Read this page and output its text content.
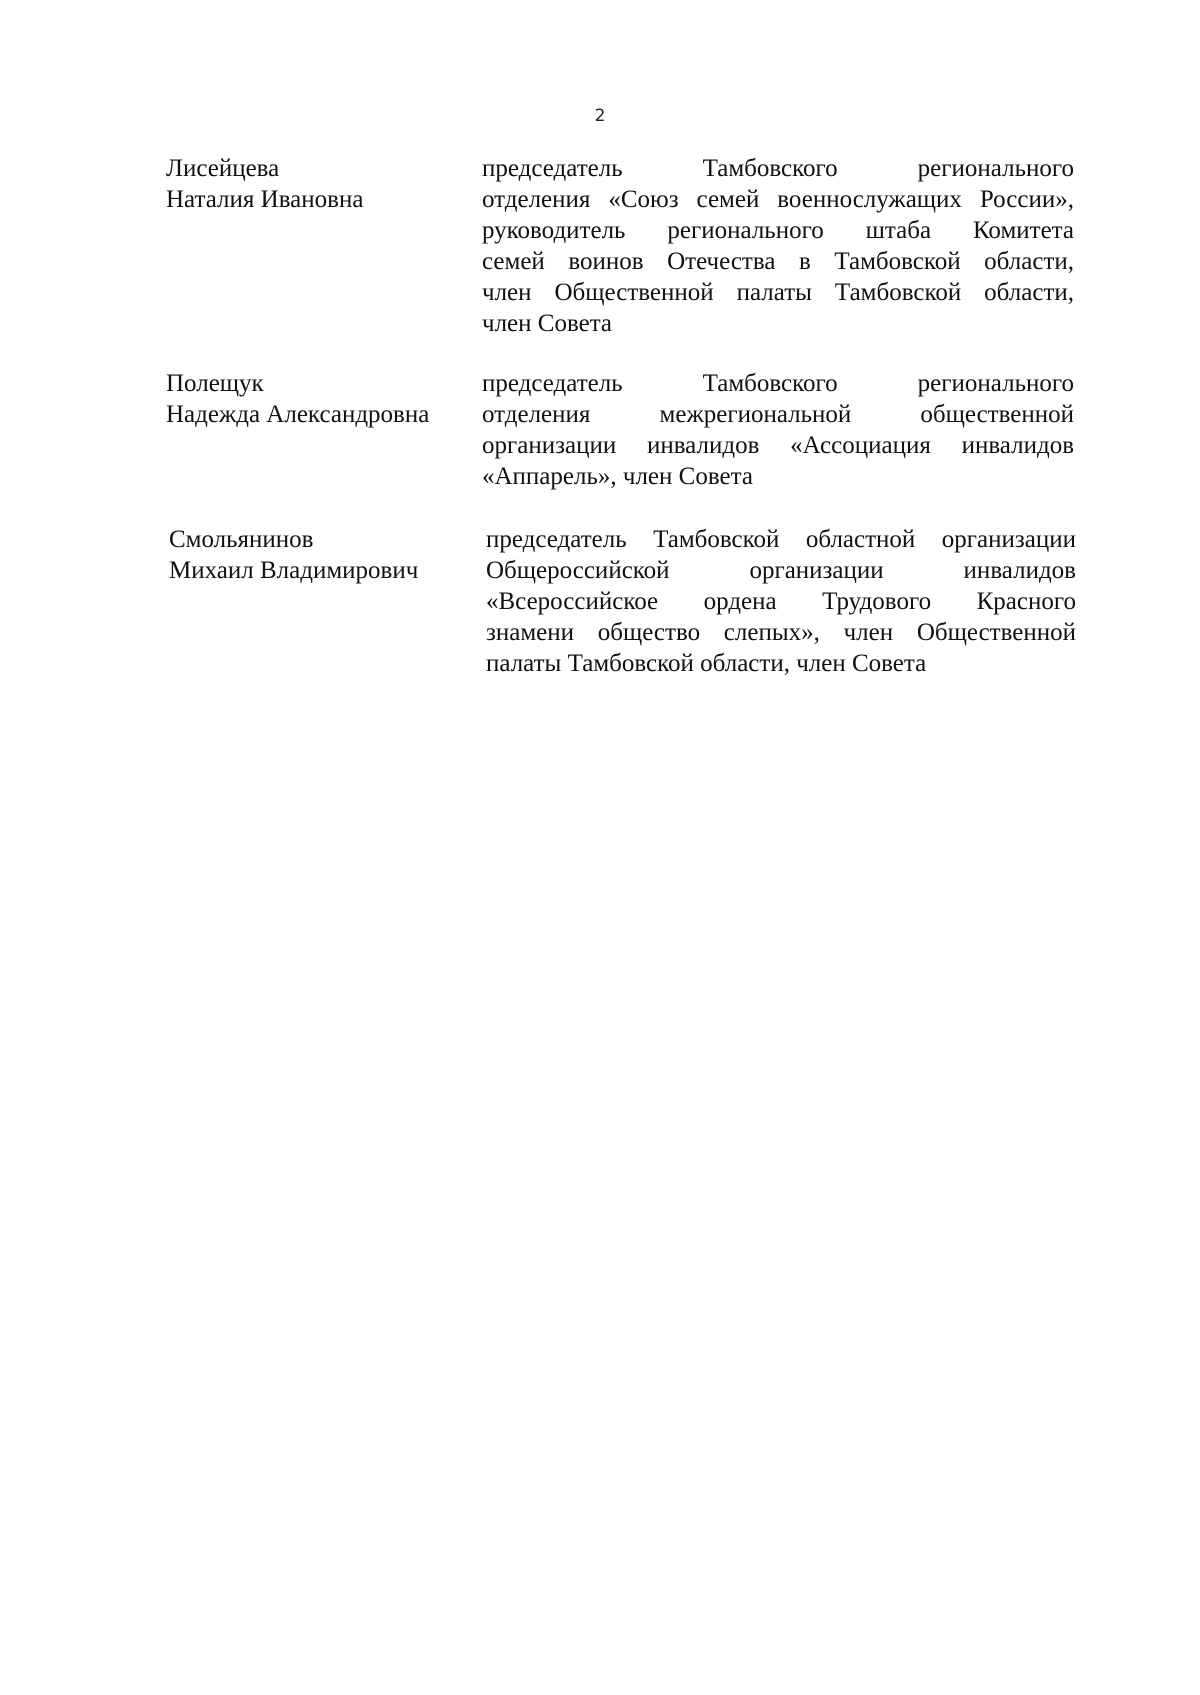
2
Лисейцева
Наталия Ивановна
председатель Тамбовского регионального
отделения «Союз семей военнослужащих России»,
руководитель регионального штаба Комитета
семей воинов Отечества в Тамбовской области,
член Общественной палаты Тамбовской области,
член Совета
Полещук
Надежда Александровна
председатель Тамбовского регионального
отделения межрегиональной общественной
организации инвалидов «Ассоциация инвалидов
«Аппарель», член Совета
Смольянинов
Михаил Владимирович
председатель Тамбовской областной организации
Общероссийской организации инвалидов
«Всероссийское ордена Трудового Красного
знамени общество слепых», член Общественной
палаты Тамбовской области, член Совета
